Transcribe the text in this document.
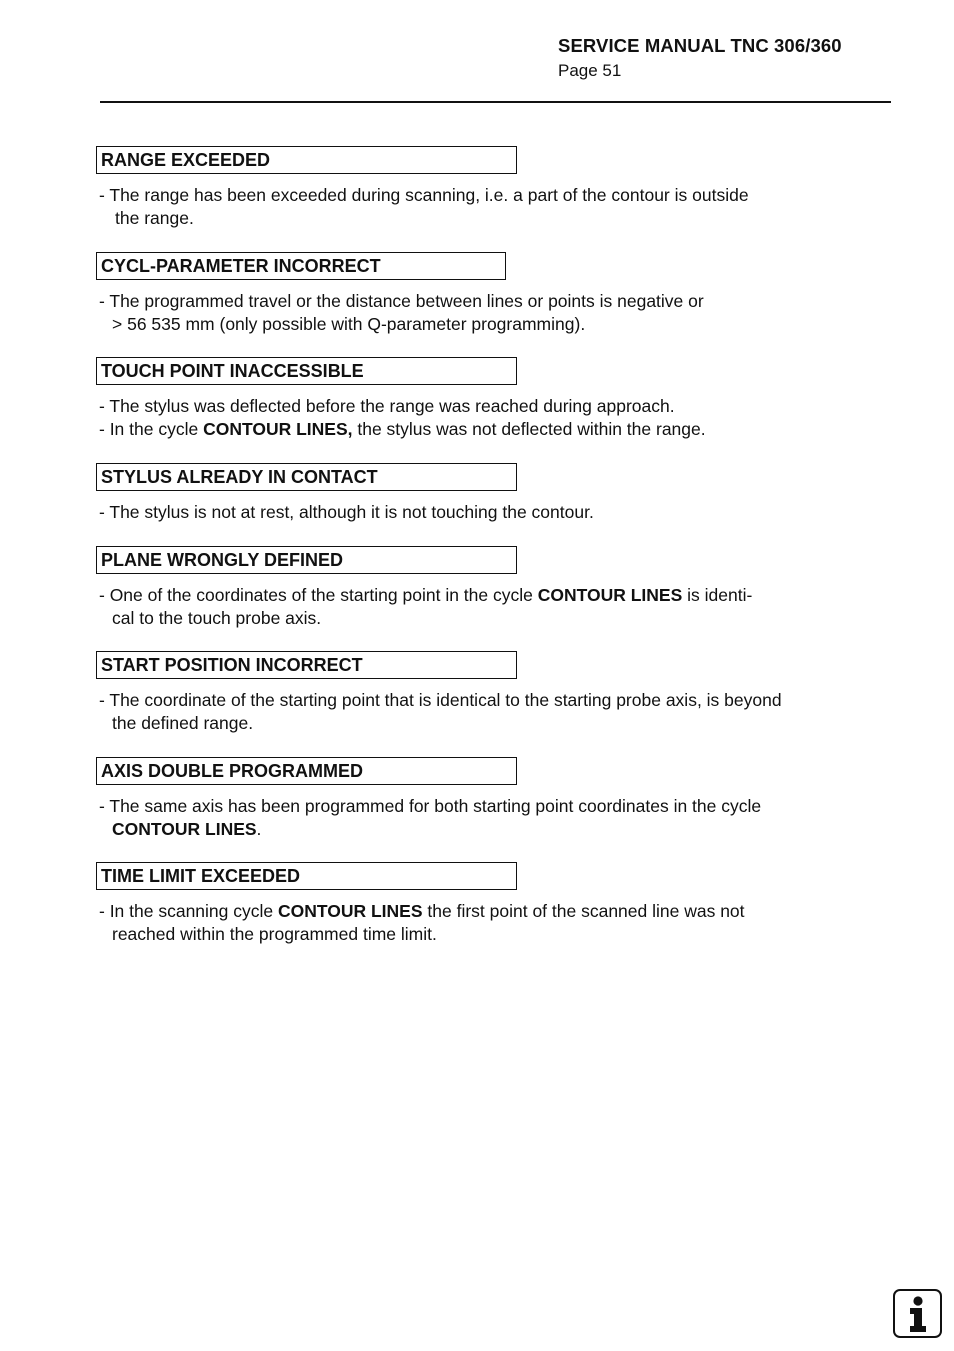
SERVICE MANUAL TNC 306/360
Page 51
RANGE EXCEEDED
- The range has been exceeded during scanning, i.e. a part of the contour is outside
the range.
CYCL-PARAMETER INCORRECT
- The programmed travel or the distance between lines or points is negative or
> 56 535 mm (only possible with Q-parameter programming).
TOUCH POINT INACCESSIBLE
- The stylus was deflected before the range was reached during approach.
- In the cycle CONTOUR LINES, the stylus was not deflected within the range.
STYLUS ALREADY IN CONTACT
- The stylus is not at rest, although it is not touching the contour.
PLANE WRONGLY DEFINED
- One of the coordinates of the starting point in the cycle CONTOUR LINES is identi-
cal to the touch probe axis.
START POSITION INCORRECT
- The coordinate of the starting point that is identical to the starting probe axis, is beyond
the defined range.
AXIS DOUBLE PROGRAMMED
- The same axis has been programmed for both starting point coordinates in the cycle
CONTOUR LINES.
TIME LIMIT EXCEEDED
- In the scanning cycle CONTOUR LINES the first point of the scanned line was not
reached within the programmed time limit.
